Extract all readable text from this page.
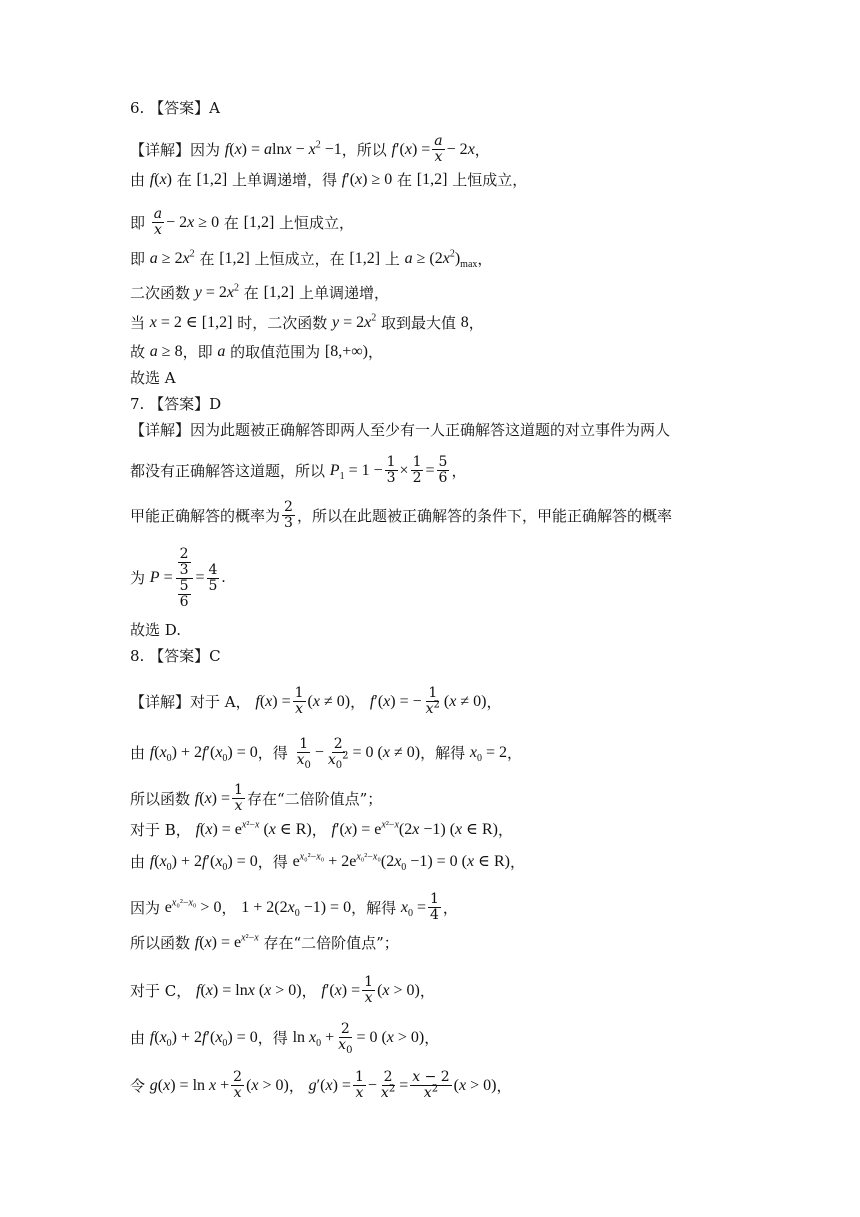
6. 【答案】A
【详解】因为 $f(x) = alnx - x^2 -1$ ，所以 $f'(x) = \frac{a}{x} - 2x$ ，
由 f(x) 在 [1,2] 上单调递增，得 f′(x) ≥ 0 在 [1,2] 上恒成立，
即 $\frac{a}{x} - 2x \ge 0$ 在 [1,2] 上恒成立，
即 $a \ge 2x^2$ 在 [1,2] 上恒成立，在 [1,2] 上 $a \ge (2x^2)_{max}$ ，
二次函数 $y = 2x^2$ 在 [1,2] 上单调递增，
当 x = 2 ∈ [1,2] 时，二次函数 $y = 2x^2$ 取到最大值 8 ，
故 a ≥ 8 ，即 a 的取值范围为 [8,+∞) ，
故选 A
7. 【答案】D
【详解】因为此题被正确解答即两人至少有一人正确解答这道题的对立事件为两人
都没有正确解答这道题，所以 $P_1 = 1 - \frac{1}{3} \times \frac{1}{2} = \frac{5}{6}$ ，
甲能正确解答的概率为 $\frac{2}{3}$ ，所以在此题被正确解答的条件下，甲能正确解答的概率
为 $P = \frac{\frac{2}{3}}{\frac{5}{6}} = \frac{4}{5}$ .
故选 D.
8. 【答案】C
【详解】对于 A， $f(x) = \frac{1}{x} (x \ne 0)$ ， f′(x) = − $\frac{1}{x^2} (x \ne 0)$ ，
由 $f(x_0) + 2f'(x_0) = 0$ ，得 $\frac{1}{x_0} - \frac{2}{x_0^2} = 0$ (x ≠ 0) ，解得 $x_0 = 2$ ，
所以函数 $f(x) = \frac{1}{x}$ 存在“二倍阶值点”；
对于 B， $f(x) = e^{x^2-x}$ (x ∈ R) ， $f'(x) = e^{x^2-x}(2x -1)$ (x ∈ R) ，
由 $f(x_0) + 2f'(x_0) = 0$ ，得 $e^{x_0^2-x_0} + 2e^{x_0^2-x_0}(2x_0 -1) = 0$ (x ∈ R) ，
因为 $e^{x_0^2-x_0} > 0$ ， $1 + 2(2x_0 -1) = 0$ ，解得 $x_0 = \frac{1}{4}$ ，
所以函数 $f(x) = e^{x^2-x}$ 存在“二倍阶值点”；
对于 C， f(x) = lnx (x > 0) ， $f'(x) = \frac{1}{x} (x > 0)$ ，
由 $f(x_0) + 2f'(x_0) = 0$ ，得 $\ln x_0 + \frac{2}{x_0} = 0$ (x > 0) ，
令 $g(x) = \ln x + \frac{2}{x} (x > 0)$ ， $g'(x) = \frac{1}{x} - \frac{2}{x^2} = \frac{x - 2}{x^2} (x > 0)$ ，
